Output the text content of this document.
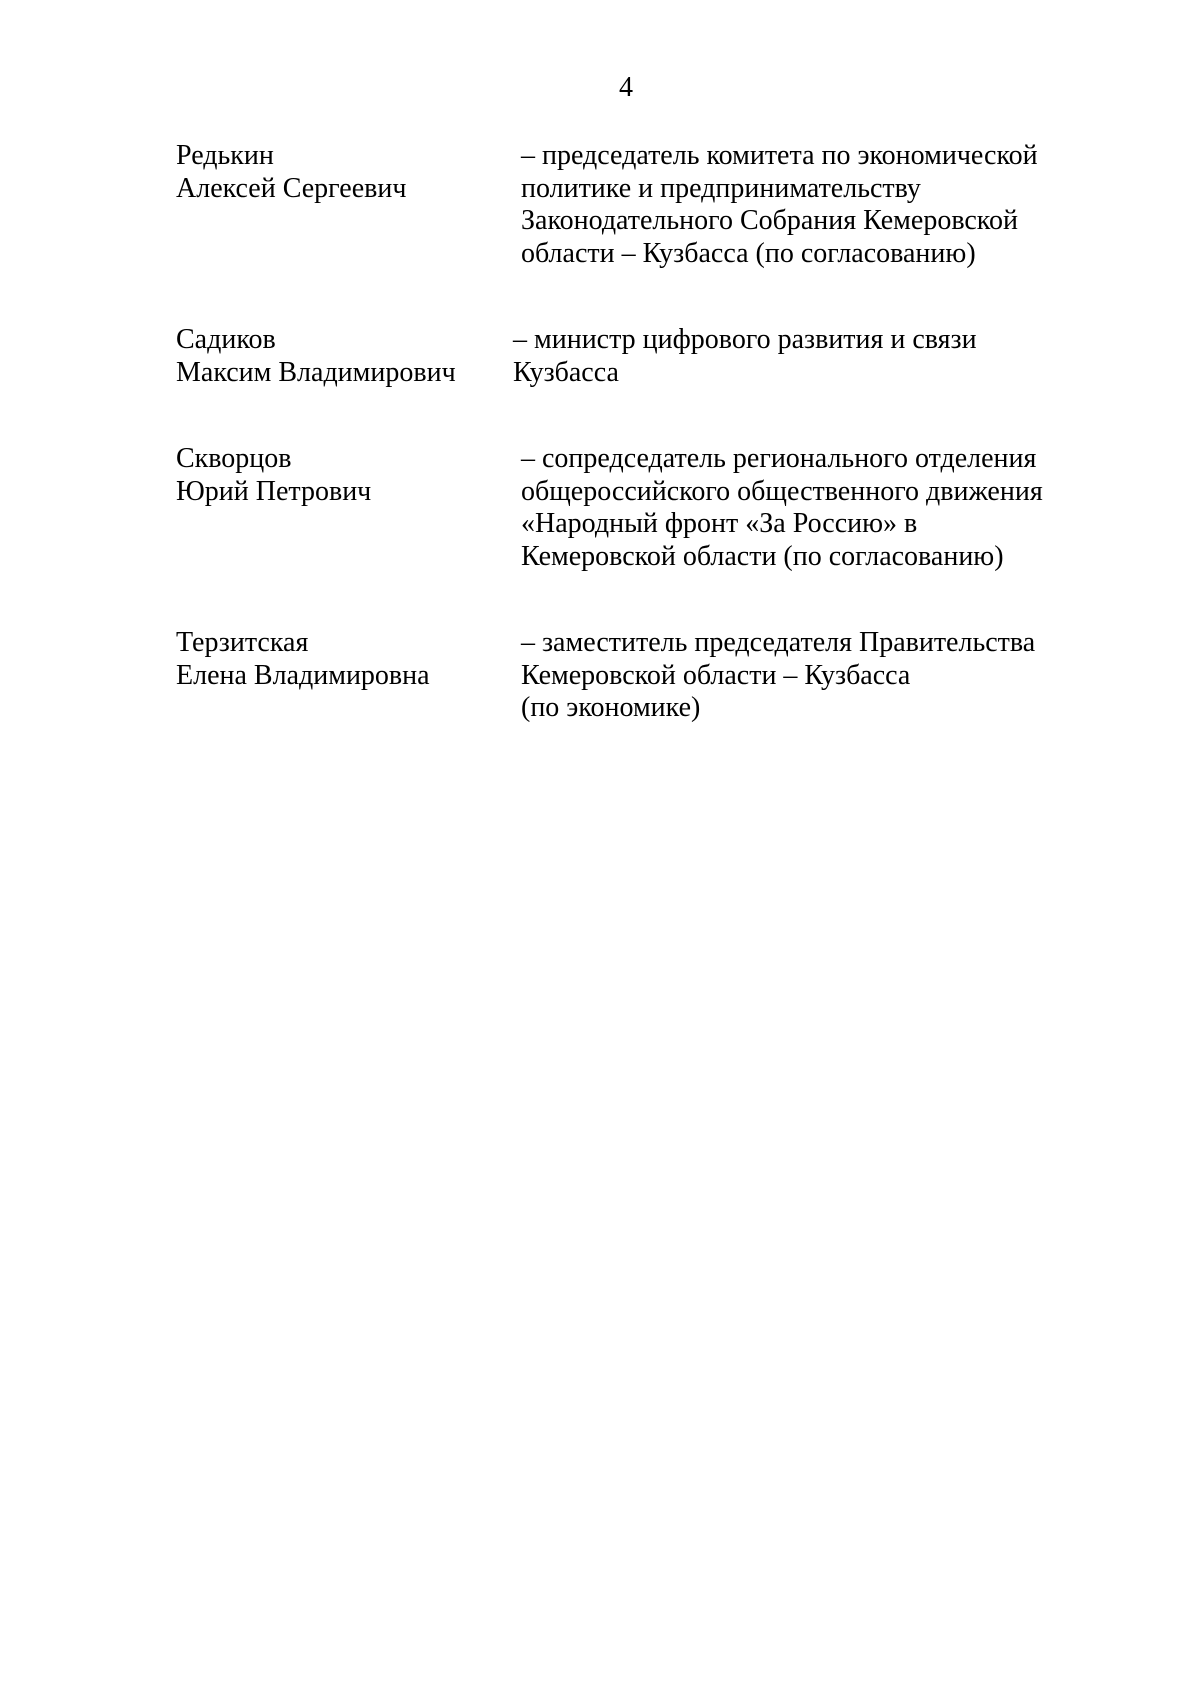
4
Редькин
Алексей Сергеевич
– председатель комитета по экономической
политике и предпринимательству
Законодательного Собрания Кемеровской
области – Кузбасса (по согласованию)
Садиков
Максим Владимирович
– министр цифрового развития и связи
Кузбасса
Скворцов
Юрий Петрович
– сопредседатель регионального отделения
общероссийского общественного движения
«Народный фронт «За Россию» в
Кемеровской области (по согласованию)
Терзитская
Елена Владимировна
– заместитель председателя Правительства
Кемеровской области – Кузбасса
(по экономике)
